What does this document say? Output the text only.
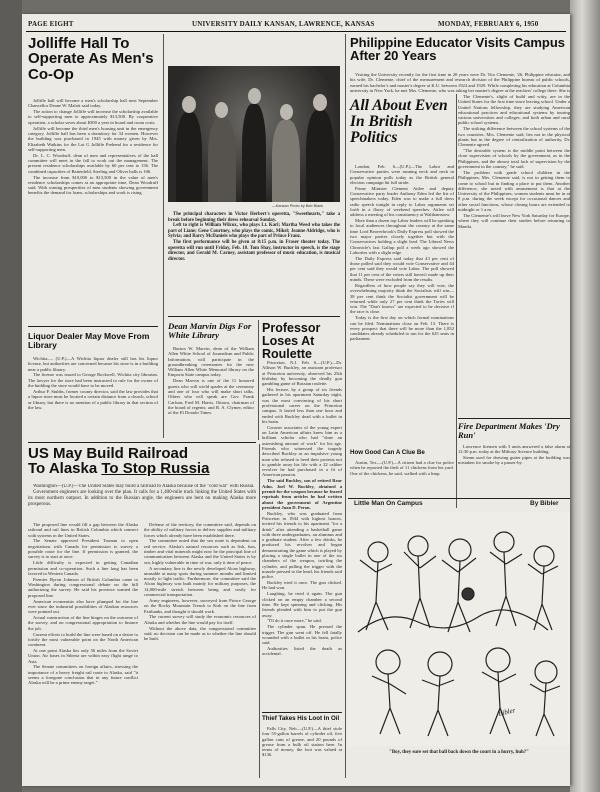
PAGE EIGHT	UNIVERSITY DAILY KANSAN, LAWRENCE, KANSAS	MONDAY, FEBRUARY 6, 1950
Jolliffe Hall To Operate As Men's Co-Op

Jolliffe hall will become a men's scholarship hall next September Chancellor Deane W. Malott said today.

The action to change Jolliffe will increase the scholarship available to self-supporting men to approximately $13,500. By cooperative operation, a scholar saves about $300 a year in board and room costs.

Jolliffe will become the third men's housing unit in the emergency category. Jolliffe hall has been a dormitory for 34 women. However the building was purchased in 1945 with money given by Mrs. Elizabeth Watkins for the Lot G Jolliffe Prebend for a residence for self-supporting men.

Dr. L. C. Woodruff, dean of men and representatives of the hall committee will meet in the fall to work out the management. The present residence scholarships available by 60 per cent to 156. The combined capacities of Battenfeld, Sterling and Oliver halls is 106.

The increase from $10,000 to $13,500 in the value of men's residence scholarships comes at an appropriate time, Dean Woodruff said. With waning prosperities of men students showing government benefits the demand for loans, scholarships and work is rising.

Liquor Dealer May Move From Library

Wichita.— (U.P.)—A Wichita liquor dealer still has his liquor license, but authorities are concerned because his store is in a building near a public library.

The license was issued to George Rockwell, Wichita city librarian. The lawyer for the store had been instructed to rule for the owner of the building the store would have to be moved.

Arthur F. Stubbs, former county director, said the law provides that a liquor store must be located a certain distance from a church, school or library, but there is no mention of a public library in that section of the law.

—Kansan Photo by Bob Blank
The principal characters in Victor Herbert's operetta, "Sweethearts," take a break before beginning their dress rehearsal Sunday.
Left to right is William Wilcox, who plays Lt. Karl; Martha Weed who takes the part of Liane; Gene Courtney, who plays the comic, Mikel; Jeanne Aldridge, who is Sylvia; and Barry McDaniels who plays the part of Prince Franz.
The first performance will be given at 8:15 p.m. in Fraser theater today. The operetta will run until Friday, Feb. 10. Tom Shay, instructor in speech, is the stage director, and Gerald M. Carney, assistant professor of music education, is musical director.
Dean Marvin Digs For White Library

Burton W. Marvin, dean of the William Allen White School of Journalism and Public Information, will participate in the groundbreaking ceremonies for the new William Allen White Memorial library on the Emporia State campus today.

Dean Marvin is one of the 11 honored guests who will wield spades at the ceremony and one of four who will make short talks. Others who will speak are Gov. Frank Carlson; Fred M. Harris, Ottawa, chairman of the board of regents; and R. A. Clymer, editor of the El Dorado Times.

Professor Loses At Roulette

Princeton, N.J. Feb. 6—(U.P.)—Dr. Allison W. Buckley, an assistant professor at Princeton university, observed his 25th birthday by becoming the deadly gun gambling game of Russian roulette.

His lecture, by a group of six friends gathered in his apartment Saturday night, was the most convincing of his short professional career on the Princeton campus. It lasted less than one hour and ended with Buckley dead with a bullet in his brain.

Coroner associates of the young expert on Latin American affairs knew him as a brilliant scholar who had "done an astonishing amount of work" for his age. Friends who witnessed the tragedy described Buckley as an impulsive young man who refused to heed their protests not to gamble away his life with a 22 caliber revolver he had purchased in a fit of American passion.

The said Buckley, son of retired Rear Adm. Joel W. Buckley, obtained a permit for the weapon because he feared reprisals from articles he had written about the government of Argentine president Juan D. Peron.

Buckley, who was graduated from Princeton in 1944 with highest honors, invited his friends to his apartment "for a drink" after attending a basketball game with three undergraduates, an alumnus and a graduate student. After a few drinks, he produced his revolver and began demonstrating the game which is played by placing a single bullet in one of the six chambers of the weapon, twirling the cylinder, and pulling the trigger with the muzzle pressed to the head, his friends said police.

Buckley tried it once. The gun clicked. He had won.

Laughing, he tried it again. The gun clicked on an empty chamber a second time. He kept spinning and clicking. His friends pleaded with him to put the gun away.

"I'll do it once more," he said.

The cylinder spun. He pressed the trigger. The gun went off. He fell fatally wounded with a bullet in his brain, police said.

Authorities listed the death as accidental.

Thief Takes His Loot In Oil

Falls City, Neb.—(U.P.)—A thief stole four 55-gallon barrels of cylinder oil, five gallon cans of grease, and 20 pounds of grease from a bulk oil station here. In terms of money, the loot was valued at $136.

US May Build Railroad
To Alaska To Stop Russia

Washington—(U.P.)—The United States may build a railroad to Alaska because of the "cold war" with Russia.

Government engineers are looking over the plan. It calls for a 1,400-mile track linking the United States with its most northern outpost. In addition to the Russian angle, the engineers are bent on making Alaska more prosperous.

The proposed line would fill a gap between the Alaska railroad and rail lines in British Columbia which connect with systems in the United States.

The Senate approved President Truman to open negotiations with Canada for permission to survey a possible route for the line. If permission is granted, the survey is to start at once.

Little difficulty is expected in getting Canadian permission and co-operation. Such a line long has been favored in Western Canada.

Premier Byron Johnson of British Columbia came to Washington during congressional debate on the bill authorizing the survey. He said his province wanted the proposed line.

American economists also have plumped for the line ever since the industrial possibilities of Alaskan resources were pointed out.

Actual construction of the line hinges on the outcome of the survey, and on congressional appropriation to finance the job.

Current efforts to build the line were based on a desire to fortify the most vulnerable point on the North American continent.

At one point Alaska lies only 56 miles from the Soviet Union. Air bases in Siberia are within easy flight range to Asia.

The Senate committees on foreign affairs, stressing the importance of a heavy freight rail route to Alaska, said "it seems a foregone conclusion that in any future conflict Alaska will be a prime enemy target."

Defense of the territory, the committee said, depends on the ability of military forces to deliver supplies and military forces which already have been established there.

The committee noted that the sea route is dependent on rail service. Alaska's natural resources such as fish, furs, timber and vital minerals might now be the principal line of communication between Alaska and the United States is by sea, highly vulnerable in time of war, only it time of peace.

A secondary line is the newly developed Alcan highway, unusable at many spots during summer months and limited mostly to light traffic. Furthermore, the committee said the Alcan highway was built mainly for military purposes, the 14,000-mile stretch between being and costly for commercial transportation.

Army engineers, however, surveyed from Prince George on the Rocky Mountain Trench to Kirk on the line from Fairbanks, and thought it should work.

The current survey will study the economic resources of Alaska and whether the line would pay for itself.

Without the above data, the congressional committee said, no decision can be made as to whether the line should be built.

Philippine Educator Visits Campus After 20 Years

Visiting the University recently for the first time in 20 years were Dr. Tito Clemente, '26, Philippine educator, and his wife, Dr. Clemente, chief of the measurement and research division of the Philippine bureau of public schools, earned his bachelor's and master's degree at K.U. between 1924 and 1929. While completing his education at Columbia university in New York, he met Mrs. Clemente, who was taking her master's degree at the teachers' college there. She is

The Clemente's, slight of build and witty, are in the United States for the first time since leaving school. Under a United Nations fellowship, they are studying American educational practices and educational systems by touring various universities and colleges, and both urban and rural public school systems.

The striking difference between the school systems of the two countries, Mrs. Clemente said, lies not in the physical plants but in the degree of centralization of authority, Dr. Clemente agreed.

"The desirable system is the middle point between the close supervision of schools by the government, as in the Philippines, and the almost total lack of supervision by the government in the country," he said.

The problem with grade school children in the Philippines, Mrs. Clemente said, is not in getting them to come to school but in finding a place to put them. Another difference, she noted with amusement is that at the University of the Philippines, women students must be in at 8 p.m. during the week except for occasional dances and other social functions, whose closing hours are extended to midnight or 1 a.m.

The Clemente's will leave New York Saturday for Europe, where they will continue their studies before returning to Manila.

All About Even In British Politics

London, Feb. 6—(U.P.)—The Labor and Conservative parties were running neck and neck in popular opinion polls today as the British general election campaign hit full stride.

Prime Minister Clement Attlee and deputy Conservative party leader Anthony Eden led the list of speechmakers today. Eden was to make a full dress radio speech tonight in reply to Labor arguments set forth in a flurry of weekend speeches. Attlee will address a meeting of his constituency at Walthamstow.

More than a dozen top Labor leaders will be speaking to local audiences throughout the country at the same time Lord Beaverbrook's Daily Express poll showed the two major parties closely together but with the Conservatives holding a slight lead. The Liberal News Chronicle's last Gallup poll a week ago showed the Laborites with a slight edge.

The Daily Express said today that 43 per cent of those polled said they would vote Conservative and 44 per cent said they would vote Labor. The poll showed that 11 per cent of the voters still haven't made up their minds. These were excluded from the results.

Regardless of how people say they will vote, the overwhelming majority think the Socialists will win—38 per cent think the Socialist government will be returned while only 27 per cent think the Tories will win. The "Don't knows" are expected to be decisive if the race is close.

Today is the first day on which formal nominations can be filed. Nominations close on Feb. 13. There is every prospect that there will be more than the 1,852 candidates already scheduled to run for the 625 seats in parliament.

How Good Can A Clue Be

Austin, Tex.—(U.P.)—A citizen had a clue for police when he reported the theft of 11 chickens from his yard. One of the chickens, he said, walked with a limp.

Fire Department Makes 'Dry Run'

Lawrence firemen with 3 units answered a false alarm at 12:30 p.m. today at the Military Science building.

Steam used for drawing gutter pipes at the building was mistaken for smoke by a passer-by.

Little Man On Campus	By Bibler
Bibler
"Boy, they sure set that ball back down the court in a hurry, huh?"
